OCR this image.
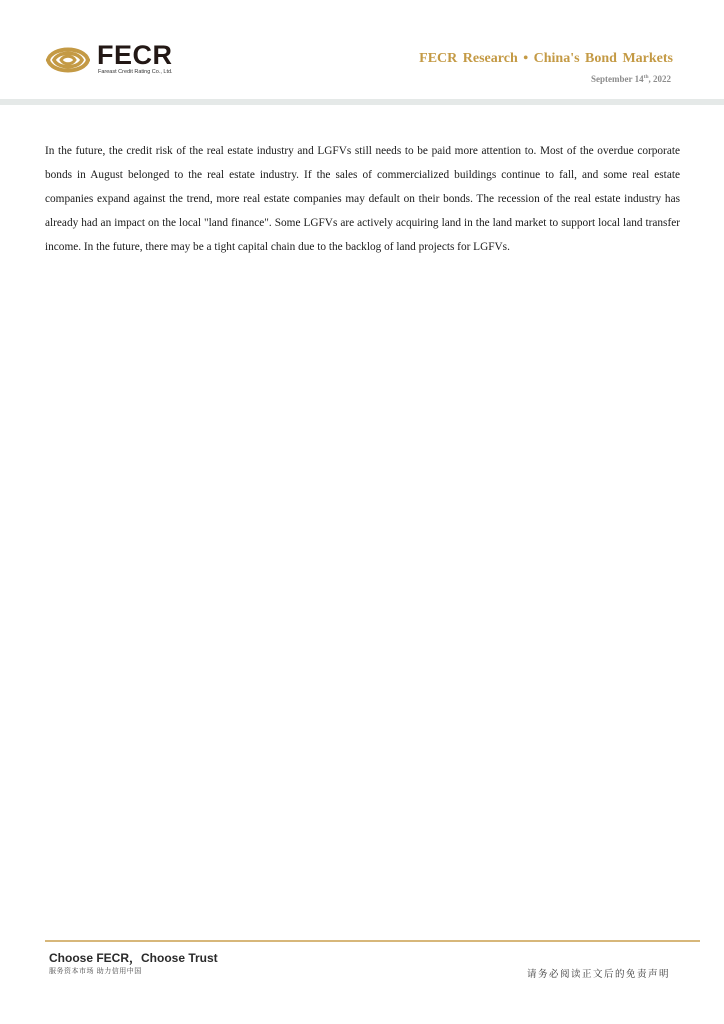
FECR
Fareast Credit Rating Co., Ltd.
FECR Research • China's Bond Markets
September 14th, 2022

In the future, the credit risk of the real estate industry and LGFVs still needs to be paid more attention to. Most of the overdue corporate bonds in August belonged to the real estate industry. If the sales of commercialized buildings continue to fall, and some real estate companies expand against the trend, more real estate companies may default on their bonds. The recession of the real estate industry has already had an impact on the local "land finance". Some LGFVs are actively acquiring land in the land market to support local land transfer income. In the future, there may be a tight capital chain due to the backlog of land projects for LGFVs.

Choose FECR，Choose Trust
服务资本市场 助力信用中国	请务必阅读正文后的免责声明
